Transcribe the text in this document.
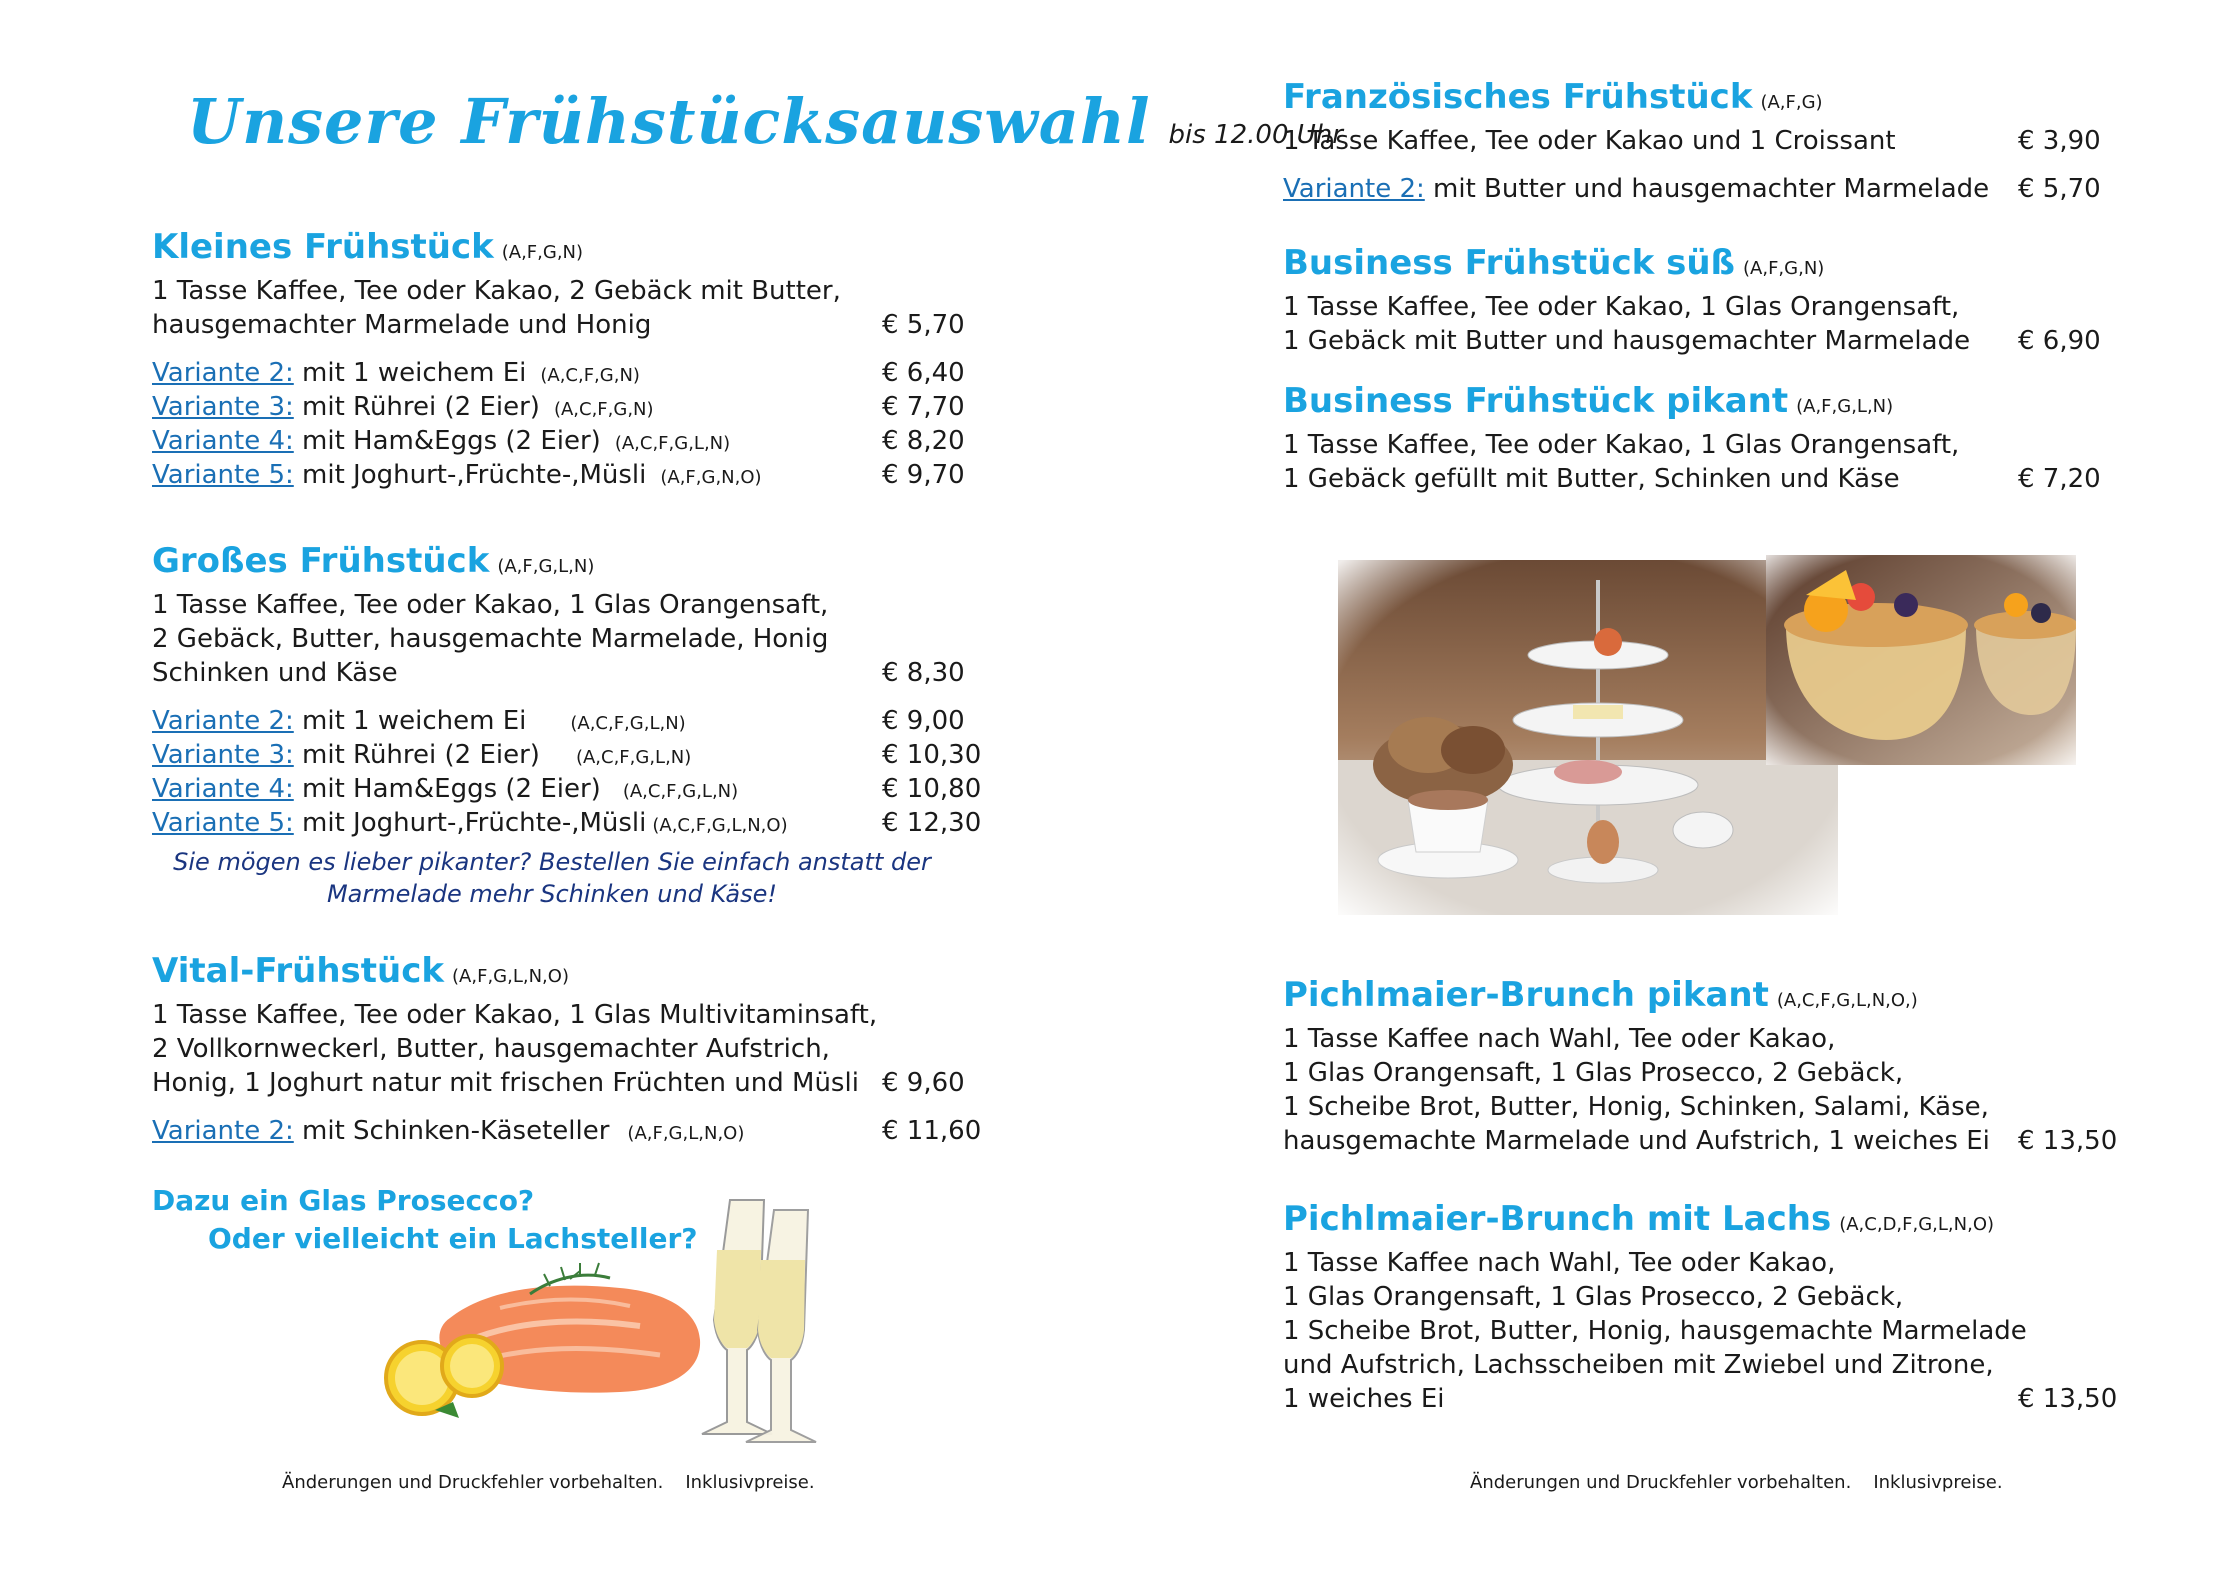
Unsere Frühstücksauswahl bis 12.00 Uhr
Kleines Frühstück (A,F,G,N)
1 Tasse Kaffee, Tee oder Kakao, 2 Gebäck mit Butter,
hausgemachter Marmelade und Honig	€ 5,70
Variante 2: mit 1 weichem Ei (A,C,F,G,N)	€ 6,40
Variante 3: mit Rührei (2 Eier) (A,C,F,G,N)	€ 7,70
Variante 4: mit Ham&Eggs (2 Eier) (A,C,F,G,L,N)	€ 8,20
Variante 5: mit Joghurt-,Früchte-,Müsli (A,F,G,N,O)	€ 9,70
Großes Frühstück (A,F,G,L,N)
1 Tasse Kaffee, Tee oder Kakao, 1 Glas Orangensaft,
2 Gebäck, Butter, hausgemachte Marmelade, Honig
Schinken und Käse	€ 8,30
Variante 2: mit 1 weichem Ei (A,C,F,G,L,N)	€ 9,00
Variante 3: mit Rührei (2 Eier) (A,C,F,G,L,N)	€ 10,30
Variante 4: mit Ham&Eggs (2 Eier) (A,C,F,G,L,N)	€ 10,80
Variante 5: mit Joghurt-,Früchte-,Müsli (A,C,F,G,L,N,O)	€ 12,30
Sie mögen es lieber pikanter? Bestellen Sie einfach anstatt der
Marmelade mehr Schinken und Käse!
Vital-Frühstück (A,F,G,L,N,O)
1 Tasse Kaffee, Tee oder Kakao, 1 Glas Multivitaminsaft,
2 Vollkornweckerl, Butter, hausgemachter Aufstrich,
Honig, 1 Joghurt natur mit frischen Früchten und Müsli € 9,60
Variante 2: mit Schinken-Käseteller (A,F,G,L,N,O)	€ 11,60
Dazu ein Glas Prosecco?
Oder vielleicht ein Lachsteller?
Änderungen und Druckfehler vorbehalten. Inklusivpreise.
Französisches Frühstück (A,F,G)
1 Tasse Kaffee, Tee oder Kakao und 1 Croissant	€ 3,90
Variante 2: mit Butter und hausgemachter Marmelade € 5,70
Business Frühstück süß (A,F,G,N)
1 Tasse Kaffee, Tee oder Kakao, 1 Glas Orangensaft,
1 Gebäck mit Butter und hausgemachter Marmelade € 6,90
Business Frühstück pikant (A,F,G,L,N)
1 Tasse Kaffee, Tee oder Kakao, 1 Glas Orangensaft,
1 Gebäck gefüllt mit Butter, Schinken und Käse	€ 7,20
Pichlmaier-Brunch pikant (A,C,F,G,L,N,O,)
1 Tasse Kaffee nach Wahl, Tee oder Kakao,
1 Glas Orangensaft, 1 Glas Prosecco, 2 Gebäck,
1 Scheibe Brot, Butter, Honig, Schinken, Salami, Käse,
hausgemachte Marmelade und Aufstrich, 1 weiches Ei € 13,50
Pichlmaier-Brunch mit Lachs (A,C,D,F,G,L,N,O)
1 Tasse Kaffee nach Wahl, Tee oder Kakao,
1 Glas Orangensaft, 1 Glas Prosecco, 2 Gebäck,
1 Scheibe Brot, Butter, Honig, hausgemachte Marmelade
und Aufstrich, Lachsscheiben mit Zwiebel und Zitrone,
1 weiches Ei	€ 13,50
Änderungen und Druckfehler vorbehalten. Inklusivpreise.
